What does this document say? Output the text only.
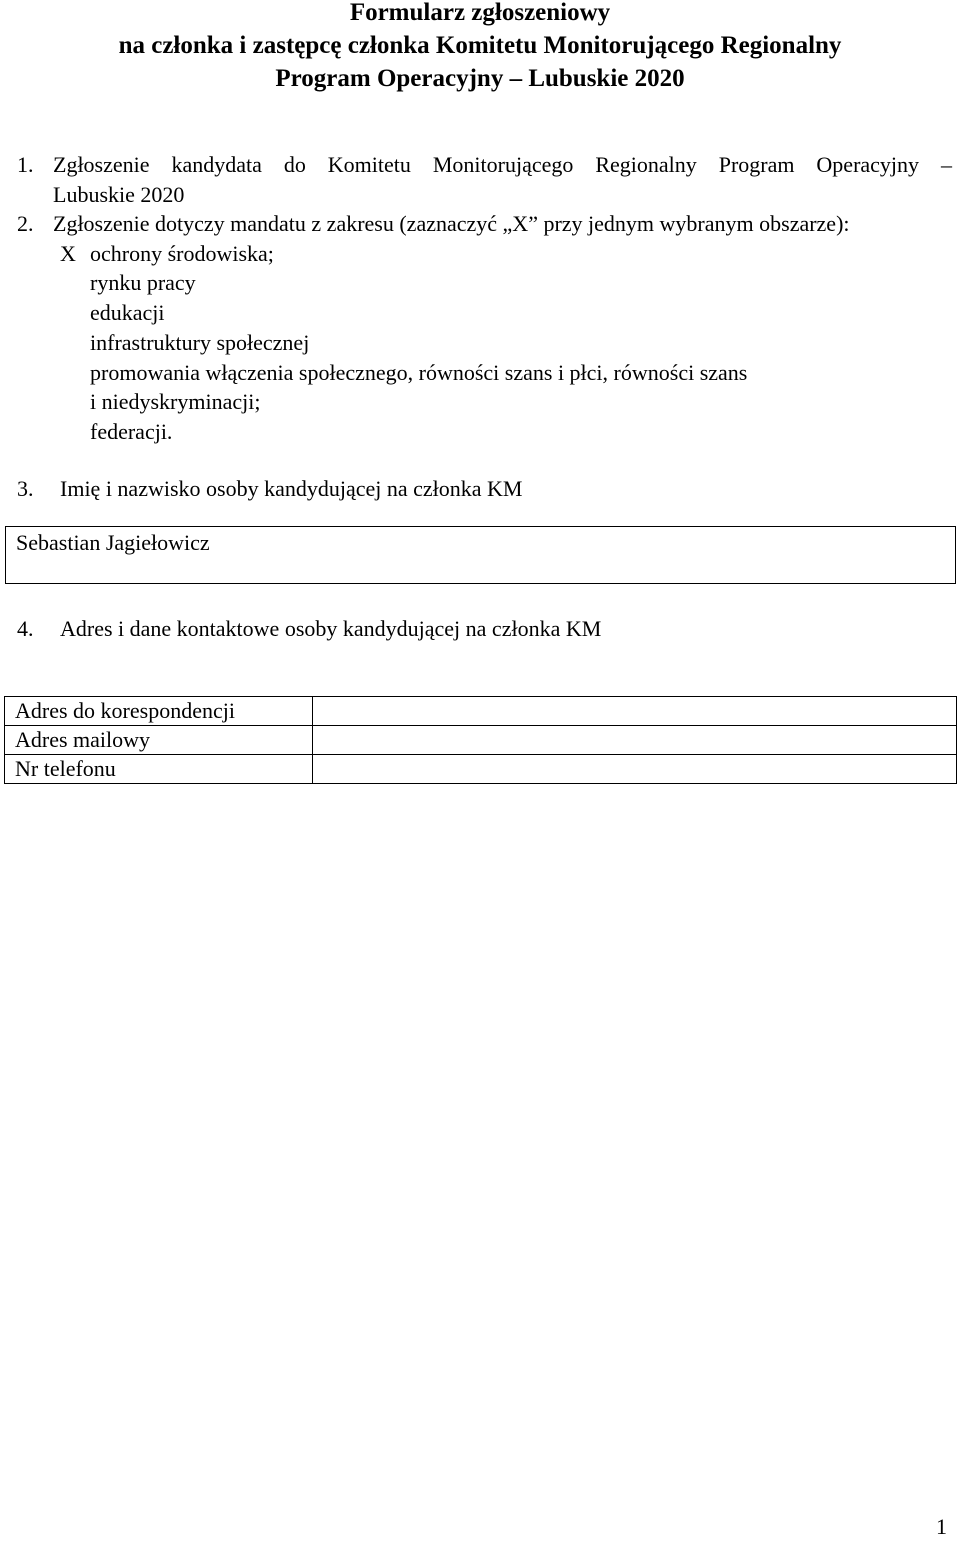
Formularz zgłoszeniowy
na członka i zastępcę członka Komitetu Monitorującego Regionalny
Program Operacyjny – Lubuskie 2020
1. Zgłoszenie kandydata do Komitetu Monitorującego Regionalny Program Operacyjny –
Lubuskie 2020
2. Zgłoszenie dotyczy mandatu z zakresu (zaznaczyć „X” przy jednym wybranym obszarze):
X ochrony środowiska;
rynku pracy
edukacji
infrastruktury społecznej
promowania włączenia społecznego, równości szans i płci, równości szans
i niedyskryminacji;
federacji.
3. Imię i nazwisko osoby kandydującej na członka KM
Sebastian Jagiełowicz
4. Adres i dane kontaktowe osoby kandydującej na członka KM
Adres do korespondencji	
Adres mailowy	
Nr telefonu	
1
